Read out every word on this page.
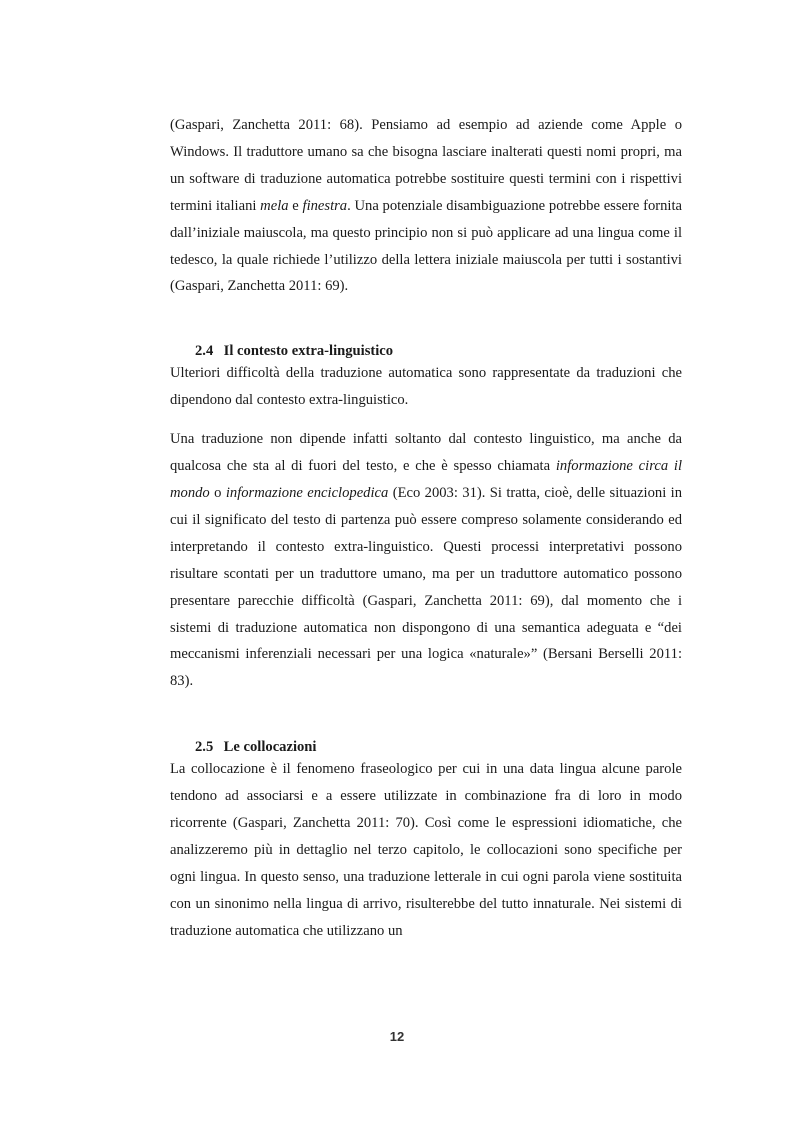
(Gaspari, Zanchetta 2011: 68). Pensiamo ad esempio ad aziende come Apple o Windows. Il traduttore umano sa che bisogna lasciare inalterati questi nomi propri, ma un software di traduzione automatica potrebbe sostituire questi termini con i rispettivi termini italiani mela e finestra. Una potenziale disambiguazione potrebbe essere fornita dall’iniziale maiuscola, ma questo principio non si può applicare ad una lingua come il tedesco, la quale richiede l’utilizzo della lettera iniziale maiuscola per tutti i sostantivi (Gaspari, Zanchetta 2011: 69).

2.4 Il contesto extra-linguistico

Ulteriori difficoltà della traduzione automatica sono rappresentate da traduzioni che dipendono dal contesto extra-linguistico.

Una traduzione non dipende infatti soltanto dal contesto linguistico, ma anche da qualcosa che sta al di fuori del testo, e che è spesso chiamata informazione circa il mondo o informazione enciclopedica (Eco 2003: 31). Si tratta, cioè, delle situazioni in cui il significato del testo di partenza può essere compreso solamente considerando ed interpretando il contesto extra-linguistico. Questi processi interpretativi possono risultare scontati per un traduttore umano, ma per un traduttore automatico possono presentare parecchie difficoltà (Gaspari, Zanchetta 2011: 69), dal momento che i sistemi di traduzione automatica non dispongono di una semantica adeguata e “dei meccanismi inferenziali necessari per una logica «naturale»” (Bersani Berselli 2011: 83).

2.5 Le collocazioni

La collocazione è il fenomeno fraseologico per cui in una data lingua alcune parole tendono ad associarsi e a essere utilizzate in combinazione fra di loro in modo ricorrente (Gaspari, Zanchetta 2011: 70). Così come le espressioni idiomatiche, che analizzeremo più in dettaglio nel terzo capitolo, le collocazioni sono specifiche per ogni lingua. In questo senso, una traduzione letterale in cui ogni parola viene sostituita con un sinonimo nella lingua di arrivo, risulterebbe del tutto innaturale. Nei sistemi di traduzione automatica che utilizzano un

12
